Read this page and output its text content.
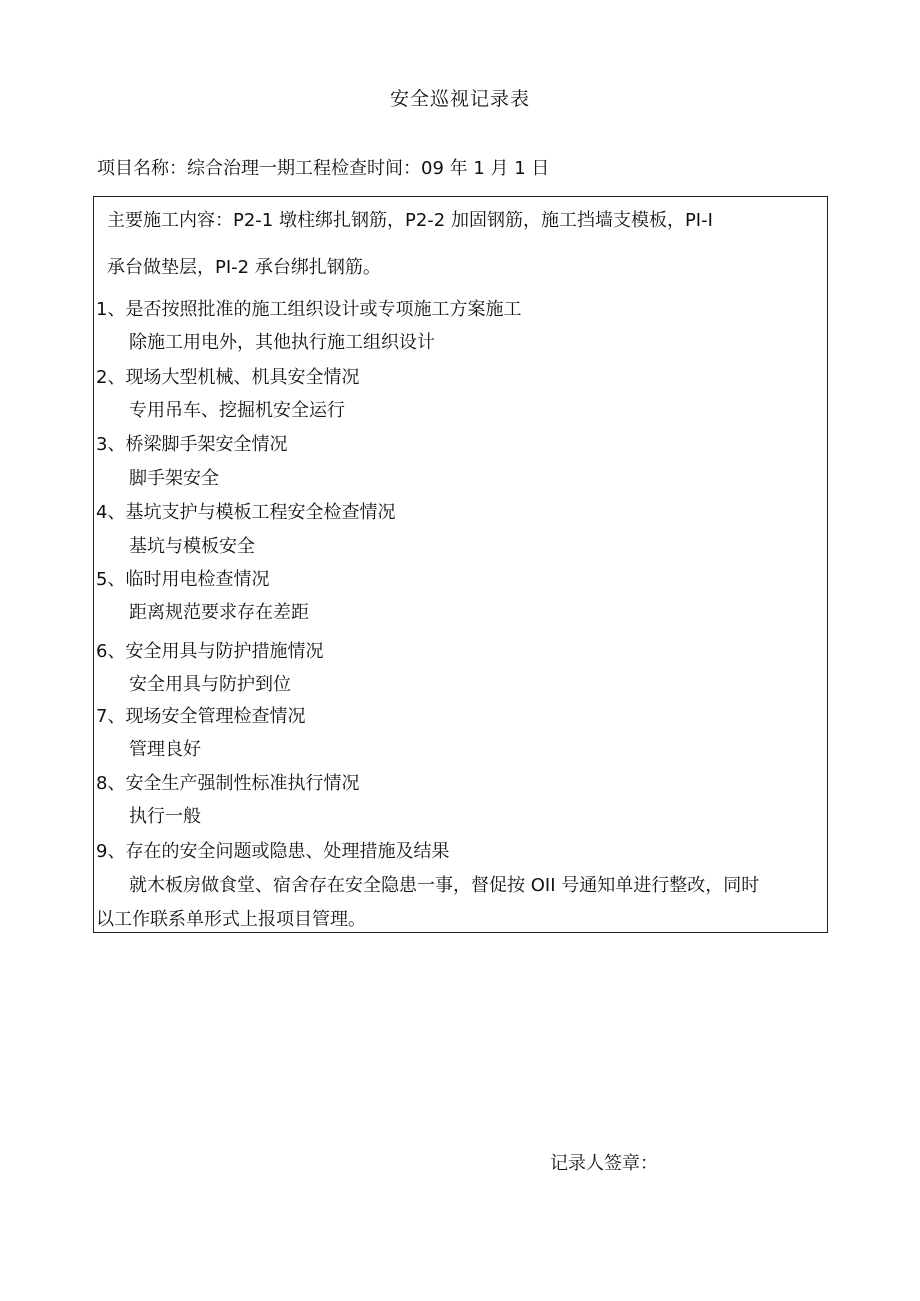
安全巡视记录表
项目名称：综合治理一期工程检查时间：09 年 1 月 1 日
主要施工内容：P2-1 墩柱绑扎钢筋，P2-2 加固钢筋，施工挡墙支模板，PI-I
承台做垫层，PI-2 承台绑扎钢筋。
1、是否按照批准的施工组织设计或专项施工方案施工
除施工用电外，其他执行施工组织设计
2、现场大型机械、机具安全情况
专用吊车、挖掘机安全运行
3、桥梁脚手架安全情况
脚手架安全
4、基坑支护与模板工程安全检查情况
基坑与模板安全
5、临时用电检查情况
距离规范要求存在差距
6、安全用具与防护措施情况
安全用具与防护到位
7、现场安全管理检查情况
管理良好
8、安全生产强制性标准执行情况
执行一般
9、存在的安全问题或隐患、处理措施及结果
就木板房做食堂、宿舍存在安全隐患一事，督促按 OII 号通知单进行整改，同时
以工作联系单形式上报项目管理。
记录人签章：
